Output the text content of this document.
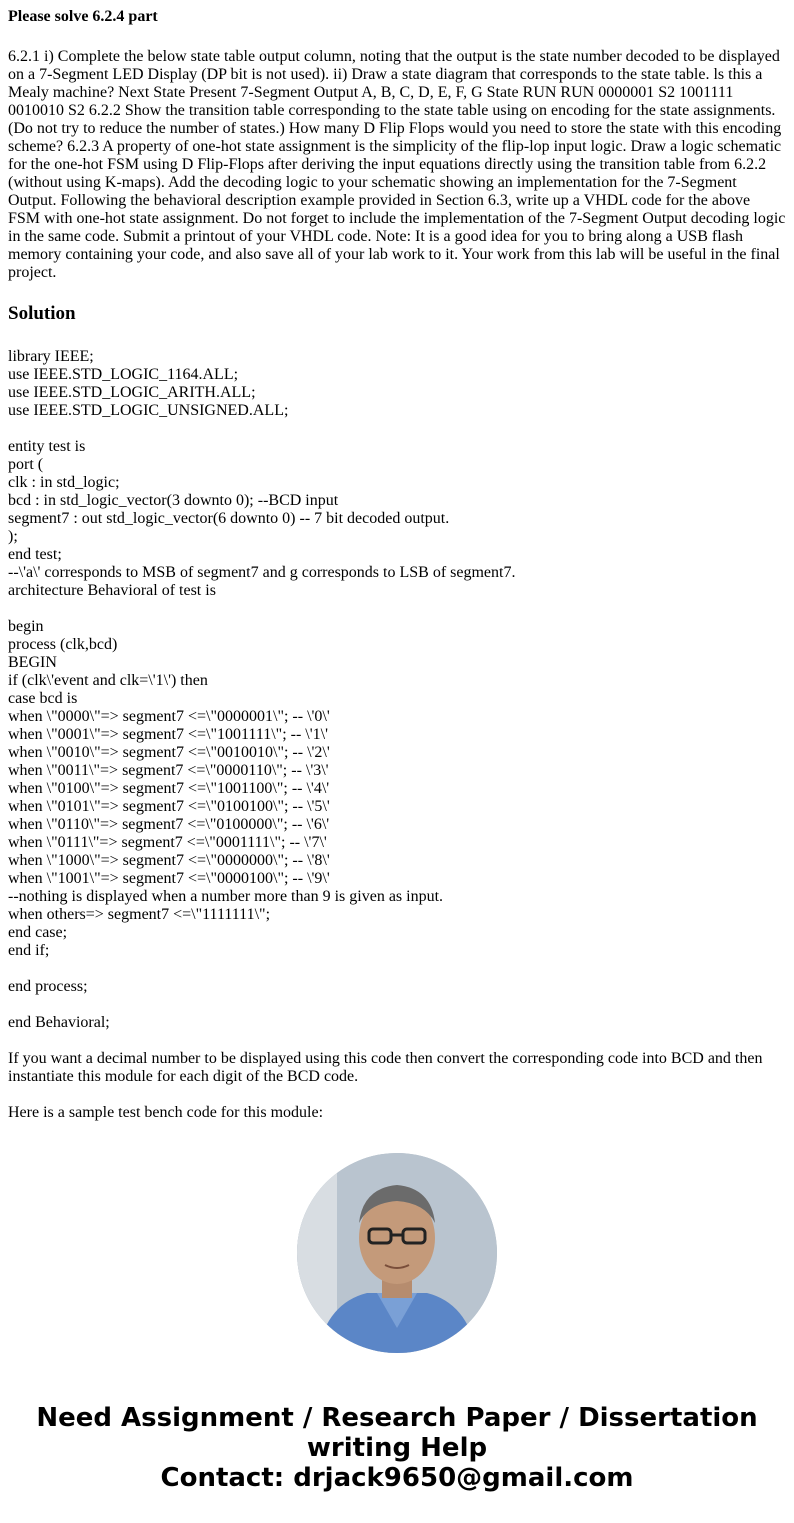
Please solve 6.2.4 part
6.2.1 i) Complete the below state table output column, noting that the output is the state number decoded to be displayed on a 7-Segment LED Display (DP bit is not used). ii) Draw a state diagram that corresponds to the state table. ls this a Mealy machine? Next State Present 7-Segment Output A, B, C, D, E, F, G State RUN RUN 0000001 S2 1001111 0010010 S2 6.2.2 Show the transition table corresponding to the state table using on encoding for the state assignments. (Do not try to reduce the number of states.) How many D Flip Flops would you need to store the state with this encoding scheme? 6.2.3 A property of one-hot state assignment is the simplicity of the flip-lop input logic. Draw a logic schematic for the one-hot FSM using D Flip-Flops after deriving the input equations directly using the transition table from 6.2.2 (without using K-maps). Add the decoding logic to your schematic showing an implementation for the 7-Segment Output. Following the behavioral description example provided in Section 6.3, write up a VHDL code for the above FSM with one-hot state assignment. Do not forget to include the implementation of the 7-Segment Output decoding logic in the same code. Submit a printout of your VHDL code. Note: It is a good idea for you to bring along a USB flash memory containing your code, and also save all of your lab work to it. Your work from this lab will be useful in the final project.
Solution
library IEEE;
use IEEE.STD_LOGIC_1164.ALL;
use IEEE.STD_LOGIC_ARITH.ALL;
use IEEE.STD_LOGIC_UNSIGNED.ALL;
entity test is
port (
clk : in std_logic;
bcd : in std_logic_vector(3 downto 0); --BCD input
segment7 : out std_logic_vector(6 downto 0) -- 7 bit decoded output.
);
end test;
--\'a\' corresponds to MSB of segment7 and g corresponds to LSB of segment7.
architecture Behavioral of test is
begin
process (clk,bcd)
BEGIN
if (clk\'event and clk=\'1\') then
case bcd is
when \"0000\"=> segment7 <=\"0000001\"; -- \'0\'
when \"0001\"=> segment7 <=\"1001111\"; -- \'1\'
when \"0010\"=> segment7 <=\"0010010\"; -- \'2\'
when \"0011\"=> segment7 <=\"0000110\"; -- \'3\'
when \"0100\"=> segment7 <=\"1001100\"; -- \'4\'
when \"0101\"=> segment7 <=\"0100100\"; -- \'5\'
when \"0110\"=> segment7 <=\"0100000\"; -- \'6\'
when \"0111\"=> segment7 <=\"0001111\"; -- \'7\'
when \"1000\"=> segment7 <=\"0000000\"; -- \'8\'
when \"1001\"=> segment7 <=\"0000100\"; -- \'9\'
--nothing is displayed when a number more than 9 is given as input.
when others=> segment7 <=\"1111111\";
end case;
end if;
end process;
end Behavioral;
If you want a decimal number to be displayed using this code then convert the corresponding code into BCD and then instantiate this module for each digit of the BCD code.
Here is a sample test bench code for this module:
Need Assignment / Research Paper / Dissertation
writing Help
Contact: drjack9650@gmail.com
